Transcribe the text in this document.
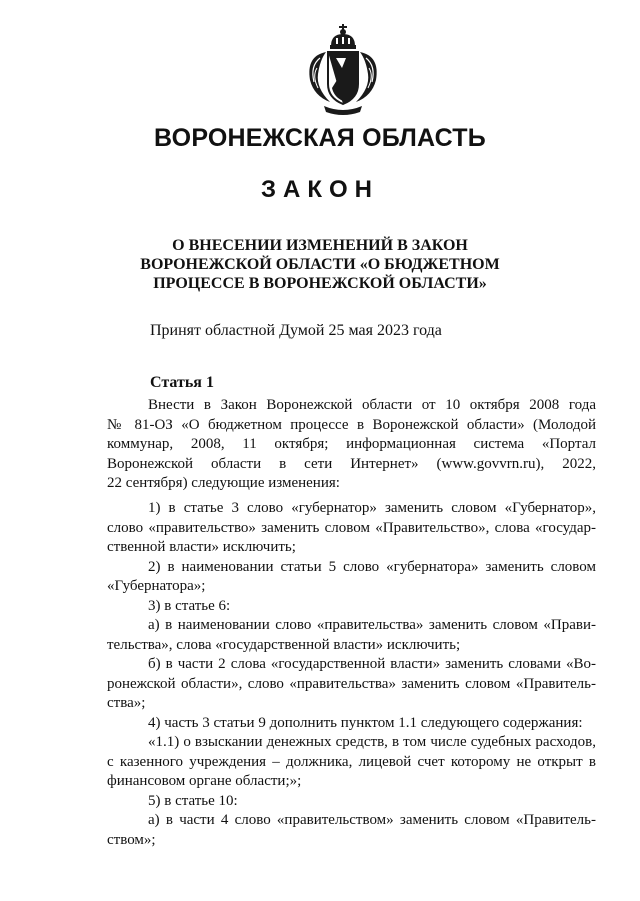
ВОРОНЕЖСКАЯ ОБЛАСТЬ
ЗАКОН
О ВНЕСЕНИИ ИЗМЕНЕНИЙ В ЗАКОН
ВОРОНЕЖСКОЙ ОБЛАСТИ «О БЮДЖЕТНОМ
ПРОЦЕССЕ В ВОРОНЕЖСКОЙ ОБЛАСТИ»
Принят областной Думой 25 мая 2023 года
Статья 1
Внести в Закон Воронежской области от 10 октября 2008 года
№ 81-ОЗ «О бюджетном процессе в Воронежской области» (Молодой
коммунар, 2008, 11 октября; информационная система «Портал
Воронежской области в сети Интернет» (www.govvrn.ru), 2022,
22 сентября) следующие изменения:
1) в статье 3 слово «губернатор» заменить словом «Губернатор»,
слово «правительство» заменить словом «Правительство», слова «государ-
ственной власти» исключить;
2) в наименовании статьи 5 слово «губернатора» заменить словом
«Губернатора»;
3) в статье 6:
а) в наименовании слово «правительства» заменить словом «Прави-
тельства», слова «государственной власти» исключить;
б) в части 2 слова «государственной власти» заменить словами «Во-
ронежской области», слово «правительства» заменить словом «Правитель-
ства»;
4) часть 3 статьи 9 дополнить пунктом 1.1 следующего содержания:
«1.1) о взыскании денежных средств, в том числе судебных расходов,
с казенного учреждения – должника, лицевой счет которому не открыт в
финансовом органе области;»;
5) в статье 10:
а) в части 4 слово «правительством» заменить словом «Правитель-
ством»;
